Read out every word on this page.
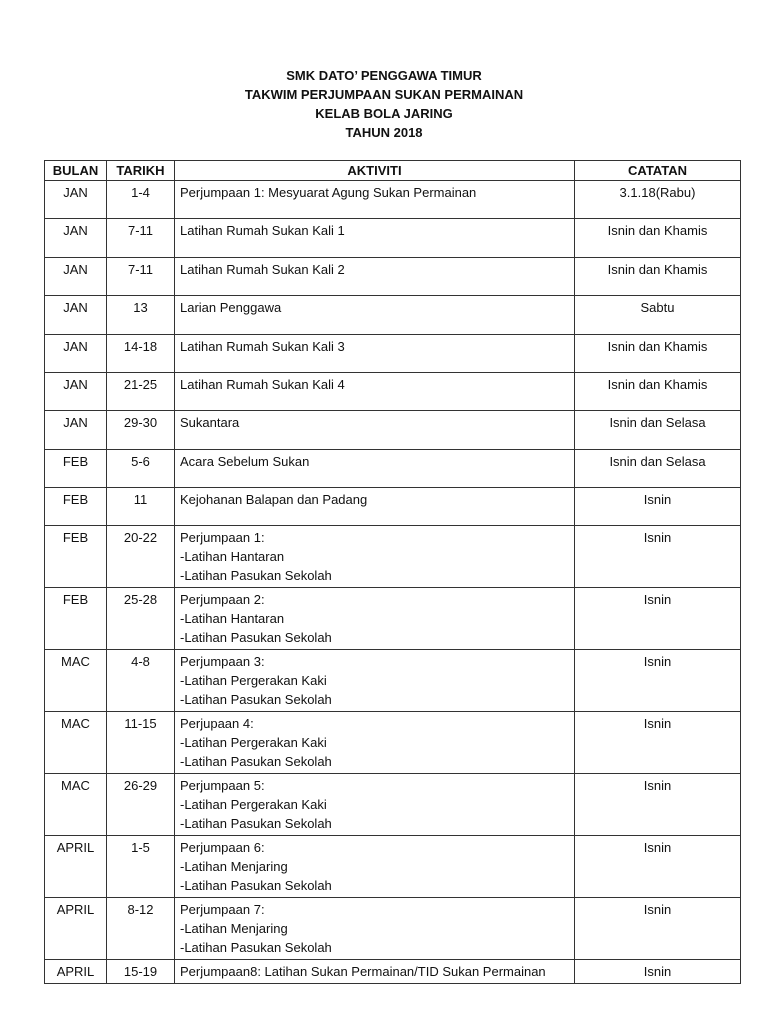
SMK DATO’ PENGGAWA TIMUR
TAKWIM PERJUMPAAN SUKAN PERMAINAN
KELAB BOLA JARING
TAHUN 2018
BULAN	TARIKH	AKTIVITI	CATATAN
JAN	1-4	Perjumpaan 1: Mesyuarat Agung Sukan Permainan	3.1.18(Rabu)
JAN	7-11	Latihan Rumah Sukan Kali 1	Isnin dan Khamis
JAN	7-11	Latihan Rumah Sukan Kali 2	Isnin dan Khamis
JAN	13	Larian Penggawa	Sabtu
JAN	14-18	Latihan Rumah Sukan Kali 3	Isnin dan Khamis
JAN	21-25	Latihan Rumah Sukan Kali 4	Isnin dan Khamis
JAN	29-30	Sukantara	Isnin dan Selasa
FEB	5-6	Acara Sebelum Sukan	Isnin dan Selasa
FEB	11	Kejohanan Balapan dan Padang	Isnin
FEB	20-22	Perjumpaan 1:
-Latihan Hantaran
-Latihan Pasukan Sekolah	Isnin
FEB	25-28	Perjumpaan 2:
-Latihan Hantaran
-Latihan Pasukan Sekolah	Isnin
MAC	4-8	Perjumpaan 3:
-Latihan Pergerakan Kaki
-Latihan Pasukan Sekolah	Isnin
MAC	11-15	Perjupaan 4:
-Latihan Pergerakan Kaki
-Latihan Pasukan Sekolah	Isnin
MAC	26-29	Perjumpaan 5:
-Latihan Pergerakan Kaki
-Latihan Pasukan Sekolah	Isnin
APRIL	1-5	Perjumpaan 6:
-Latihan Menjaring
-Latihan Pasukan Sekolah	Isnin
APRIL	8-12	Perjumpaan 7:
-Latihan Menjaring
-Latihan Pasukan Sekolah	Isnin
APRIL	15-19	Perjumpaan8: Latihan Sukan Permainan/TID Sukan Permainan	Isnin
